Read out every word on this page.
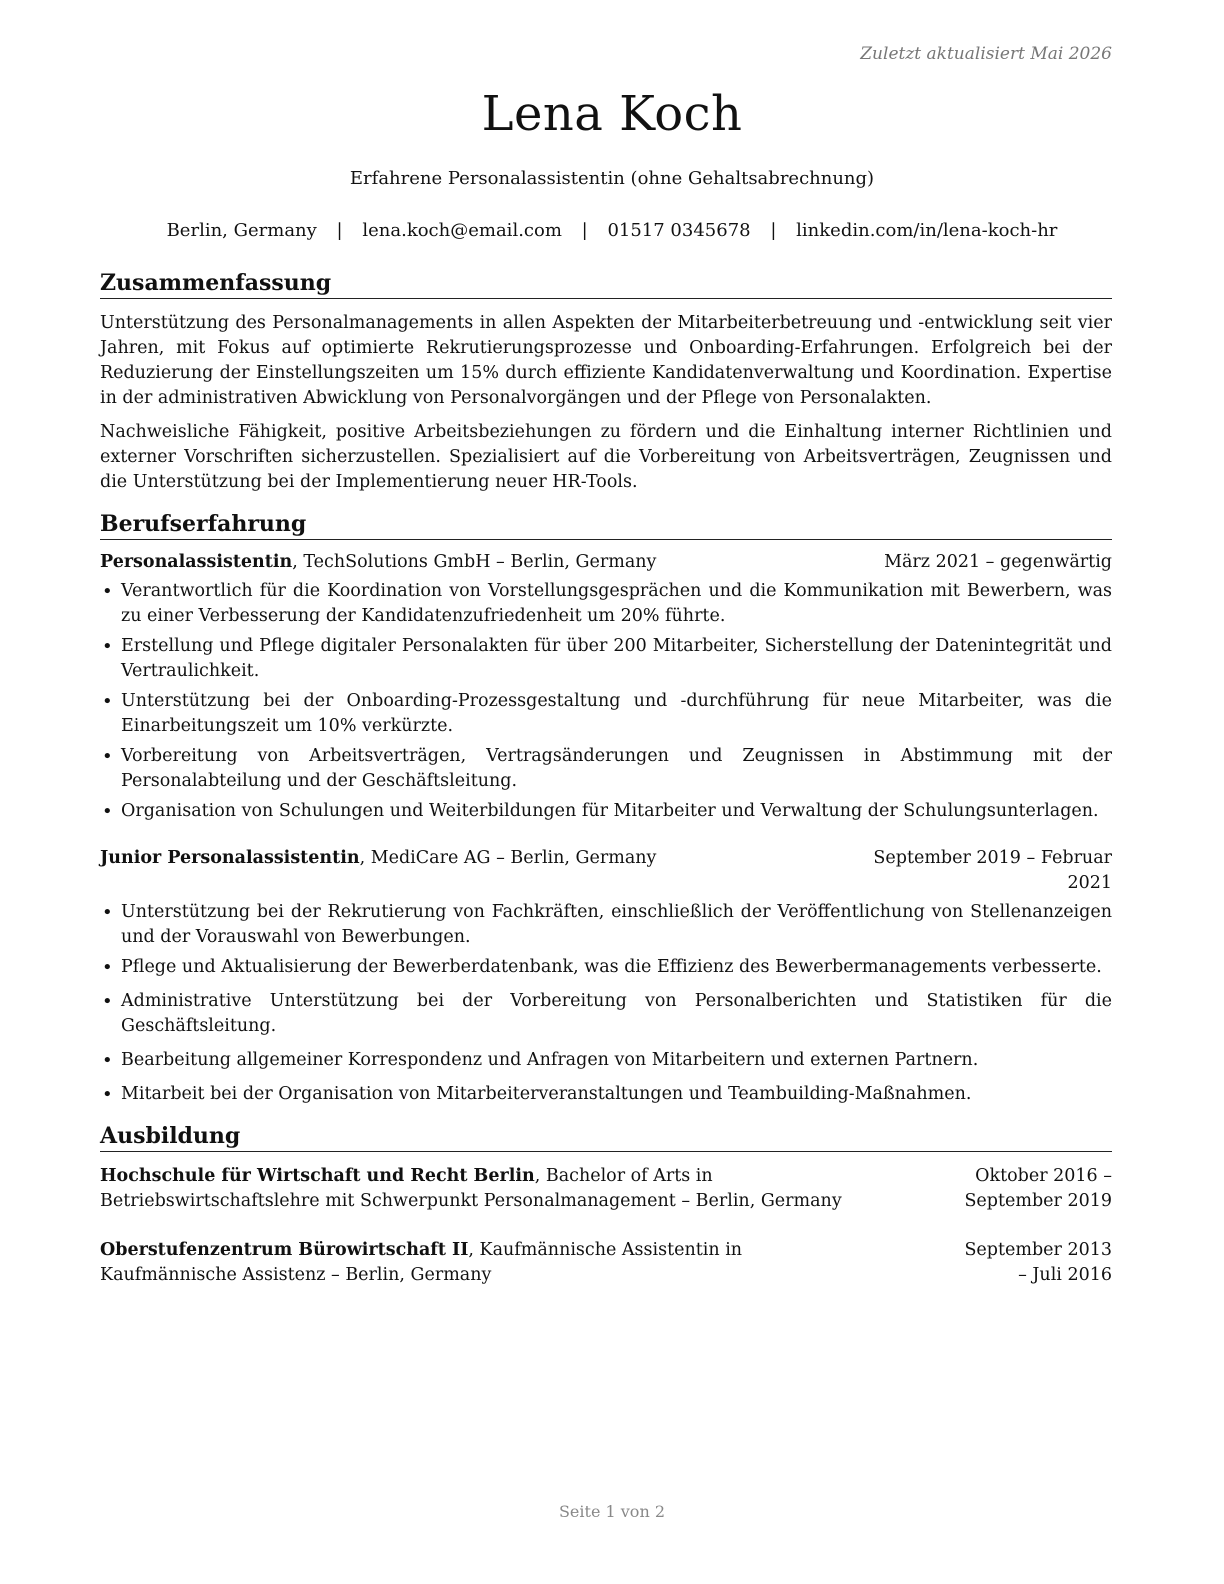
Zuletzt aktualisiert Mai 2026
Lena Koch
Erfahrene Personalassistentin (ohne Gehaltsabrechnung)
Berlin, Germany | lena.koch@email.com | 01517 0345678 | linkedin.com/in/lena-koch-hr
Zusammenfassung

Unterstützung des Personalmanagements in allen Aspekten der Mitarbeiterbetreuung und -entwicklung seit vier Jahren, mit Fokus auf optimierte Rekrutierungsprozesse und Onboarding-Erfahrungen. Erfolgreich bei der Reduzierung der Einstellungszeiten um 15% durch effiziente Kandidatenverwaltung und Koordination. Expertise in der administrativen Abwicklung von Personalvorgängen und der Pflege von Personalakten.

Nachweisliche Fähigkeit, positive Arbeitsbeziehungen zu fördern und die Einhaltung interner Richtlinien und externer Vorschriften sicherzustellen. Spezialisiert auf die Vorbereitung von Arbeitsverträgen, Zeugnissen und die Unterstützung bei der Implementierung neuer HR-Tools.

Berufserfahrung
Personalassistentin, TechSolutions GmbH – Berlin, Germany	März 2021 – gegenwärtig
• Verantwortlich für die Koordination von Vorstellungsgesprächen und die Kommunikation mit Bewerbern, was zu einer Verbesserung der Kandidatenzufriedenheit um 20% führte.
• Erstellung und Pflege digitaler Personalakten für über 200 Mitarbeiter, Sicherstellung der Datenintegrität und Vertraulichkeit.
• Unterstützung bei der Onboarding-Prozessgestaltung und -durchführung für neue Mitarbeiter, was die Einarbeitungszeit um 10% verkürzte.
• Vorbereitung von Arbeitsverträgen, Vertragsänderungen und Zeugnissen in Abstimmung mit der Personalabteilung und der Geschäftsleitung.
• Organisation von Schulungen und Weiterbildungen für Mitarbeiter und Verwaltung der Schulungsunterlagen.
Junior Personalassistentin, MediCare AG – Berlin, Germany	September 2019 – Februar 2021
• Unterstützung bei der Rekrutierung von Fachkräften, einschließlich der Veröffentlichung von Stellenanzeigen und der Vorauswahl von Bewerbungen.
• Pflege und Aktualisierung der Bewerberdatenbank, was die Effizienz des Bewerbermanagements verbesserte.
• Administrative Unterstützung bei der Vorbereitung von Personalberichten und Statistiken für die Geschäftsleitung.
• Bearbeitung allgemeiner Korrespondenz und Anfragen von Mitarbeitern und externen Partnern.
• Mitarbeit bei der Organisation von Mitarbeiterveranstaltungen und Teambuilding-Maßnahmen.
Ausbildung
Hochschule für Wirtschaft und Recht Berlin, Bachelor of Arts in Betriebswirtschaftslehre mit Schwerpunkt Personalmanagement – Berlin, Germany
Oktober 2016 – September 2019
Oberstufenzentrum Bürowirtschaft II, Kaufmännische Assistentin in Kaufmännische Assistenz – Berlin, Germany
September 2013 – Juli 2016
Seite 1 von 2
